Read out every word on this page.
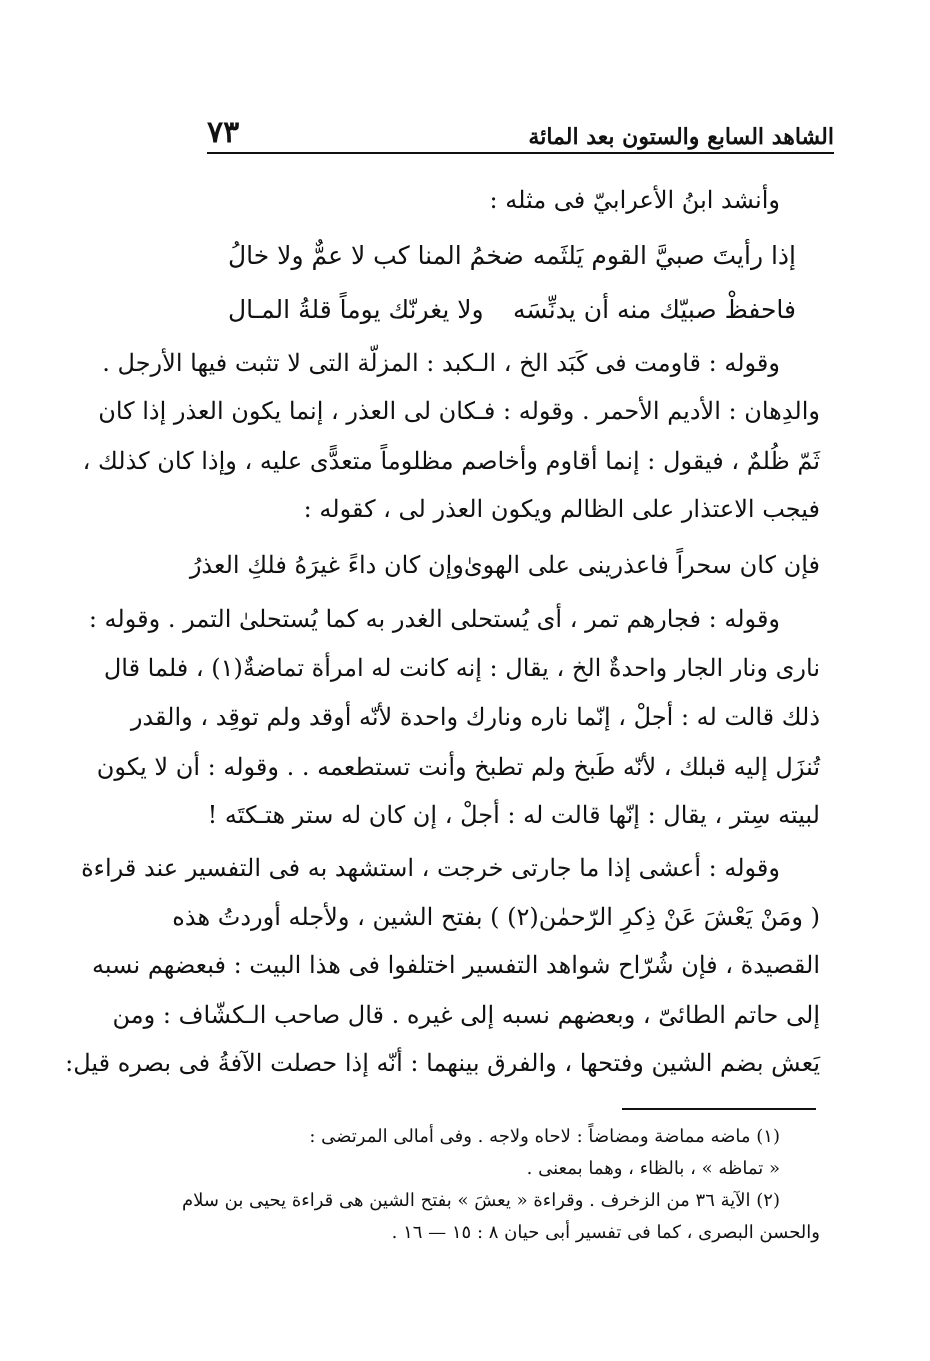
الشاهد السابع والستون بعد المائة
٧٣
وأنشد ابنُ الأعرابيّ فى مثله :
إذا رأيتَ صبيَّ القوم يَلثَمه
ضخمُ المنا كب لا عمٌّ ولا خالُ
فاحفظْ صبيّك منه أن يدنِّسَه
ولا يغرنّك يوماً قلةُ المـال
وقوله : قاومت فى كَبَد الخ ، الـكبد : المزلّة التى لا تثبت فيها الأرجل .
والدِهان : الأديم الأحمر . وقوله : فـكان لى العذر ، إنما يكون العذر إذا كان
ثَمّ ظُلمٌ ، فيقول : إنما أقاوم وأخاصم مظلوماً متعدًّى عليه ، وإذا كان كذلك ،
فيجب الاعتذار على الظالم ويكون العذر لى ، كقوله :
فإن كان سحراً فاعذرينى على الهوىٰ
وإن كان داءً غيرَهُ فلكِ العذرُ
وقوله : فجارهم تمر ، أى يُستحلى الغدر به كما يُستحلىٰ التمر . وقوله :
نارى ونار الجار واحدةٌ الخ ، يقال : إنه كانت له امرأة تماضةٌ(١) ، فلما قال
ذلك قالت له : أجلْ ، إنّما ناره ونارك واحدة لأنّه أوقد ولم توقِد ، والقدر
تُنزَل إليه قبلك ، لأنّه طَبخ ولم تطبخ وأنت تستطعمه . . وقوله : أن لا يكون
لبيته سِتر ، يقال : إنّها قالت له : أجلْ ، إن كان له ستر هتـكتَه !
وقوله : أعشى إذا ما جارتى خرجت ، استشهد به فى التفسير عند قراءة
( ومَنْ يَعْشَ عَنْ ذِكرِ الرّحمٰن(٢) ) بفتح الشين ، ولأجله أوردتُ هذه
القصيدة ، فإن شُرّاح شواهد التفسير اختلفوا فى هذا البيت : فبعضهم نسبه
إلى حاتم الطائىّ ، وبعضهم نسبه إلى غيره . قال صاحب الـكشّاف : ومن
يَعش بضم الشين وفتحها ، والفرق بينهما : أنّه إذا حصلت الآفةُ فى بصره قيل:
(١) ماضه مماضة ومضاضاً : لاحاه ولاجه . وفى أمالى المرتضى :
« تماظه » ، بالظاء ، وهما بمعنى .
(٢) الآية ٣٦ من الزخرف . وقراءة « يعشَ » بفتح الشين هى قراءة يحيى بن سلام
والحسن البصرى ، كما فى تفسير أبى حيان ٨ : ١٥ — ١٦ .
